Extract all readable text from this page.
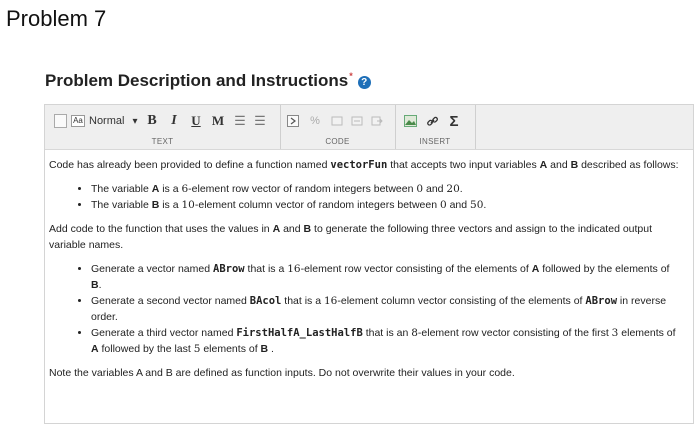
Problem 7
Problem Description and Instructions*?
Aa Normal ▾ B	I	U M ☰ ☰
TEXT
%
CODE
Σ
INSERT

Code has already been provided to define a function named vectorFun that accepts two input variables A and B described as follows:

• The variable A is a 6-element row vector of random integers between 0 and 20.
• The variable B is a 10-element column vector of random integers between 0 and 50.

Add code to the function that uses the values in A and B to generate the following three vectors and assign to the indicated output variable names.

• Generate a vector named ABrow that is a 16-element row vector consisting of the elements of A followed by the elements of B.
• Generate a second vector named BAcol that is a 16-element column vector consisting of the elements of ABrow in reverse order.
• Generate a third vector named FirstHalfA_LastHalfB that is an 8-element row vector consisting of the first 3 elements of A followed by the last 5 elements of B .

Note the variables A and B are defined as function inputs. Do not overwrite their values in your code.
